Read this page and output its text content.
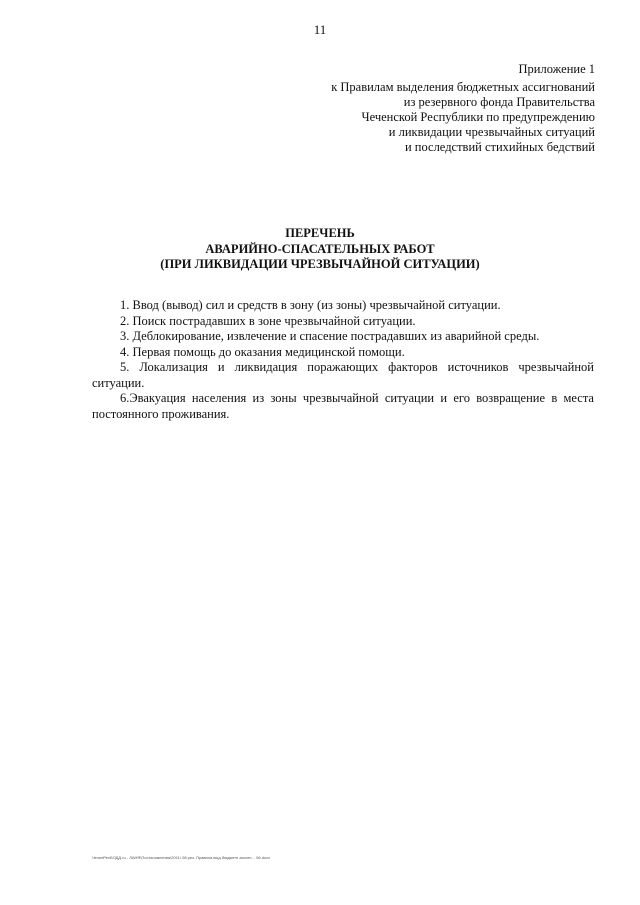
11
Приложение 1
к Правилам выделения бюджетных ассигнований
из резервного фонда Правительства
Чеченской Республики по предупреждению
и ликвидации чрезвычайных ситуаций
и последствий стихийных бедствий
ПЕРЕЧЕНЬ
АВАРИЙНО-СПАСАТЕЛЬНЫХ РАБОТ
(ПРИ ЛИКВИДАЦИИ ЧРЕЗВЫЧАЙНОЙ СИТУАЦИИ)
1. Ввод (вывод) сил и средств в зону (из зоны) чрезвычайной ситуации.
2. Поиск пострадавших в зоне чрезвычайной ситуации.
3. Деблокирование, извлечение и спасение пострадавших из аварийной среды.
4. Первая помощь до оказания медицинской помощи.
5. Локализация и ликвидация поражающих факторов источников чрезвычайной ситуации.
6.Эвакуация населения из зоны чрезвычайной ситуации и его возвращение в места постоянного проживания.
ЧеченРесБОДД.ru - ЛАНЯ\Постановления\2011\ 08 рез. Правила выд бюджетн ассигн. - 06.docx
